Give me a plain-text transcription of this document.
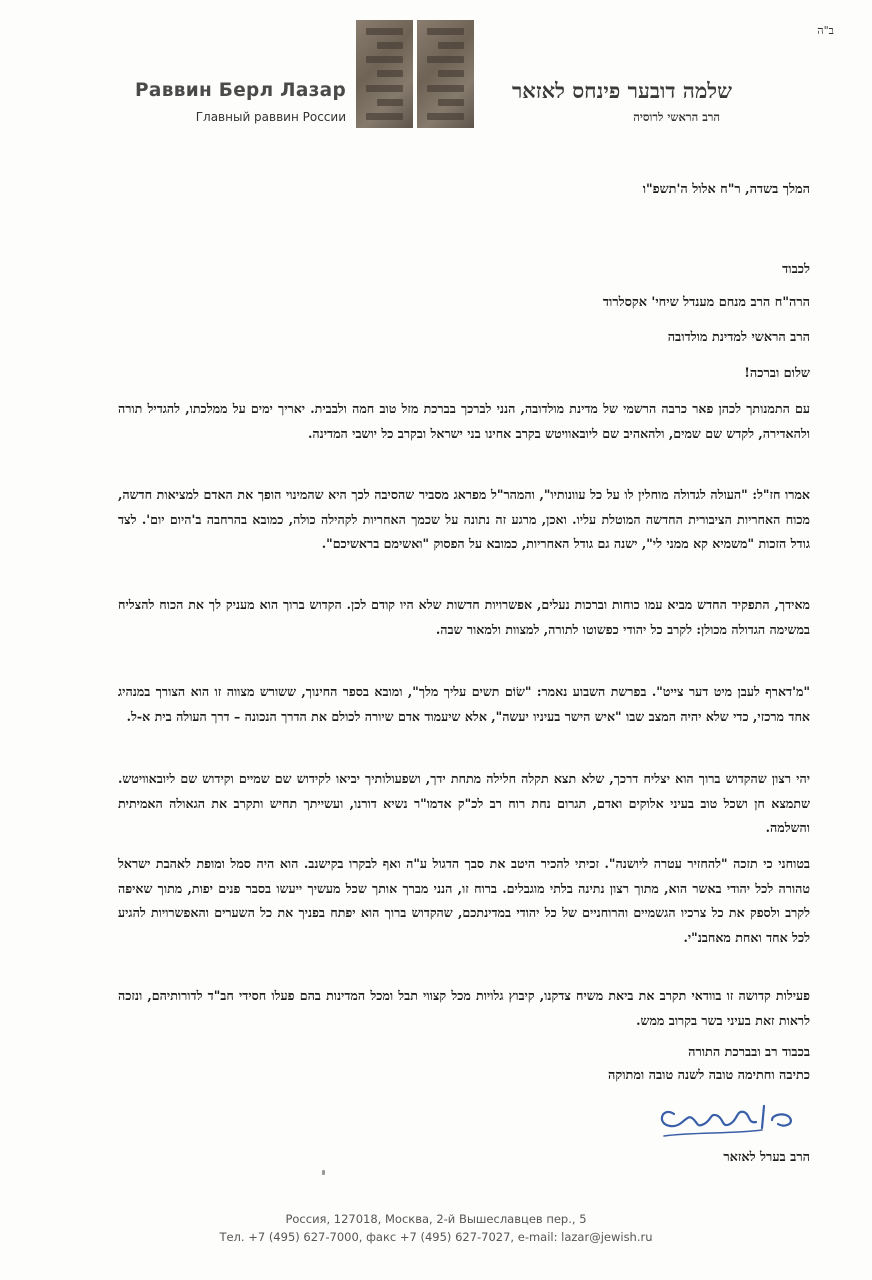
ב"ה
Раввин Берл Лазар
Главный раввин России
שלמה דובער פינחס לאזאר
הרב הראשי לרוסיה
המלך בשדה, ר"ח אלול ה'תשפ"ו
לכבוד
הרה"ח הרב מנחם מענדל שיחי' אקסלרוד
הרב הראשי למדינת מולדובה
שלום וברכה!

עם התמנותך לכהן פאר כרבה הרשמי של מדינת מולדובה, הנני לברכך בברכת מזל טוב חמה ולבבית. יאריך ימים על ממלכתו, להגדיל תורה ולהאדירה, לקדש שם שמים, ולהאהיב שם ליובאוויטש בקרב אחינו בני ישראל ובקרב כל יושבי המדינה.

אמרו חז"ל: "העולה לגדולה מוחלין לו על כל עוונותיו", והמהר"ל מפראג מסביר שהסיבה לכך היא שהמינוי הופך את האדם למציאות חדשה, מכוח האחריות הציבורית החדשה המוטלת עליו. ואכן, מרגע זה נתונה על שכמך האחריות לקהילה כולה, כמובא בהרחבה ב'היום יום'. לצד גודל הזכות "משמיא קא ממני לי", ישנה גם גודל האחריות, כמובא על הפסוק "ואשימם בראשיכם".

מאידך, התפקיד החדש מביא עמו כוחות וברכות נעלים, אפשרויות חדשות שלא היו קודם לכן. הקדוש ברוך הוא מעניק לך את הכוח להצליח במשימה הגדולה מכולן: לקרב כל יהודי כפשוטו לתורה, למצוות ולמאור שבה.

"מ'דארף לעבן מיט דער צייט". בפרשת השבוע נאמר: "שׂוֹם תשים עליך מלך", ומובא בספר החינוך, ששורש מצווה זו הוא הצורך במנהיג אחד מרכזי, כדי שלא יהיה המצב שבו "איש הישר בעיניו יעשה", אלא שיעמוד אדם שיורה לכולם את הדרך הנכונה – דרך העולה בית א-ל.

יהי רצון שהקדוש ברוך הוא יצליח דרכך, שלא תצא תקלה חלילה מתחת ידך, ושפעולותיך יביאו לקידוש שם שמיים וקידוש שם ליובאוויטש. שתמצא חן ושכל טוב בעיני אלוקים ואדם, תגרום נחת רוח רב לכ"ק אדמו"ר נשיא דורנו, ועשייתך תחיש ותקרב את הגאולה האמיתית והשלמה.

בטוחני כי תזכה "להחזיר עטרה ליושנה". זכיתי להכיר היטב את סבך הדגול ע"ה ואף לבקרו בקישנב. הוא היה סמל ומופת לאהבת ישראל טהורה לכל יהודי באשר הוא, מתוך רצון נתינה בלתי מוגבלים. ברוח זו, הנני מברך אותך שכל מעשיך ייעשו בסבר פנים יפות, מתוך שאיפה לקרב ולספק את כל צרכיו הגשמיים והרוחניים של כל יהודי במדינתכם, שהקדוש ברוך הוא יפתח בפניך את כל השערים והאפשרויות להגיע לכל אחד ואחת מאחבנ"י.

פעילות קדושה זו בוודאי תקרב את ביאת משיח צדקנו, קיבוץ גלויות מכל קצווי תבל ומכל המדינות בהם פעלו חסידי חב"ד לדורותיהם, ונזכה לראות זאת בעיני בשר בקרוב ממש.

בכבוד רב ובברכת התורה
כתיבה וחתימה טובה לשנה טובה ומתוקה
הרב בערל לאזאר
Россия, 127018, Москва, 2-й Вышеславцев пер., 5
Тел. +7 (495) 627-7000, факс +7 (495) 627-7027, e-mail: lazar@jewish.ru
